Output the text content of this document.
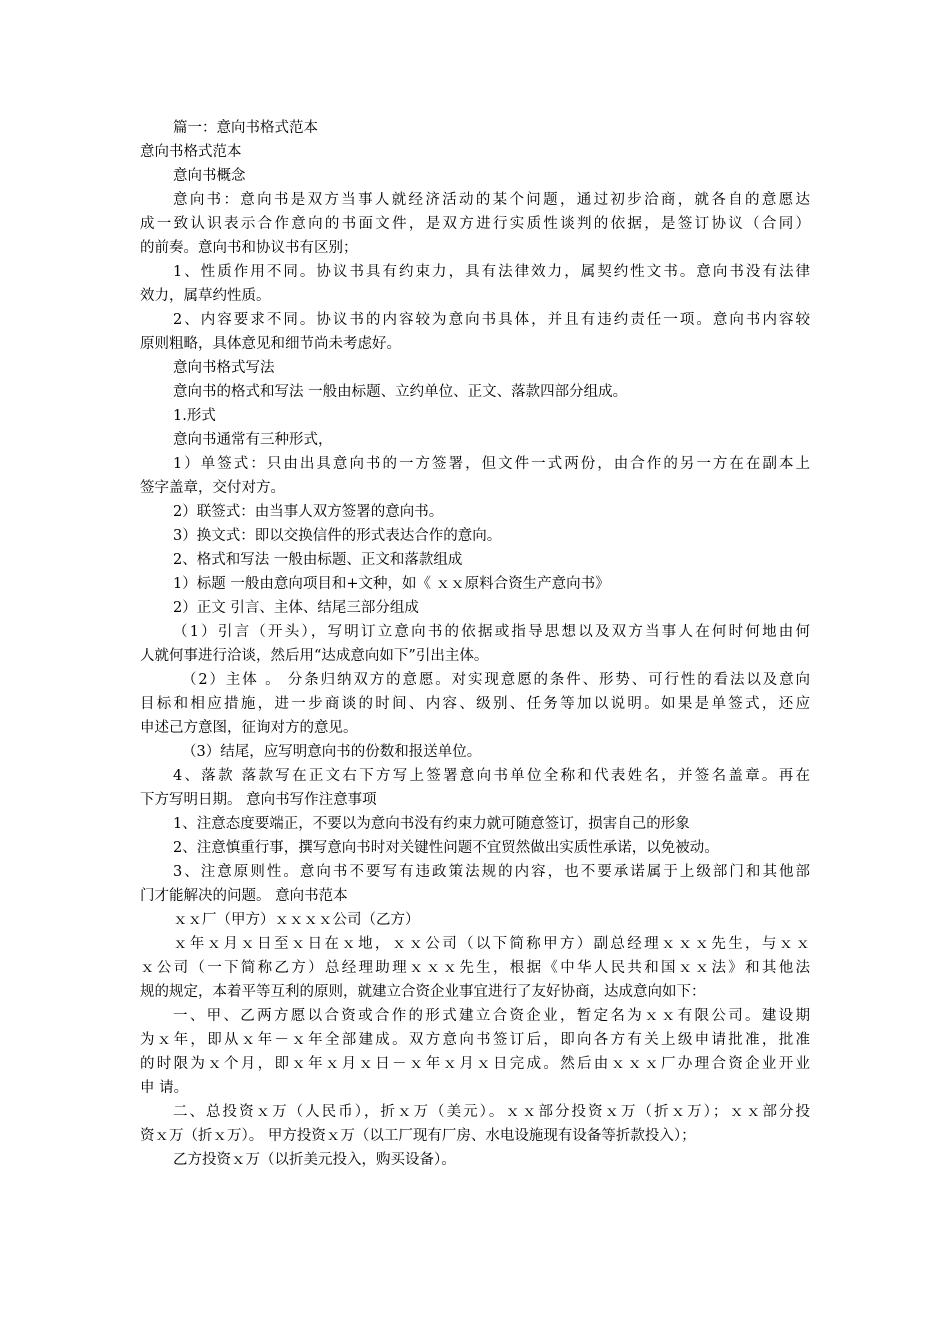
篇一：意向书格式范本
意向书格式范本
意向书概念
意向书：意向书是双方当事人就经济活动的某个问题，通过初步洽商，就各自的意愿达
成一致认识表示合作意向的书面文件，是双方进行实质性谈判的依据，是签订协议（合同）
的前奏。意向书和协议书有区别；
1、性质作用不同。协议书具有约束力，具有法律效力，属契约性文书。意向书没有法律
效力，属草约性质。
2、内容要求不同。协议书的内容较为意向书具体，并且有违约责任一项。意向书内容较
原则粗略，具体意见和细节尚未考虑好。
意向书格式写法
意向书的格式和写法 一般由标题、立约单位、正文、落款四部分组成。
1.形式
意向书通常有三种形式，
1）单签式：只由出具意向书的一方签署，但文件一式两份，由合作的另一方在在副本上
签字盖章，交付对方。
2）联签式：由当事人双方签署的意向书。
3）换文式：即以交换信件的形式表达合作的意向。
2、格式和写法 一般由标题、正文和落款组成
1）标题 一般由意向项目和+文种，如《 ｘｘ原料合资生产意向书》
2）正文 引言、主体、结尾三部分组成
（1）引言（开头），写明订立意向书的依据或指导思想以及双方当事人在何时何地由何
人就何事进行洽谈，然后用“达成意向如下”引出主体。
（2）主体 。 分条归纳双方的意愿。对实现意愿的条件、形势、可行性的看法以及意向
目标和相应措施，进一步商谈的时间、内容、级别、任务等加以说明。如果是单签式，还应
申述己方意图，征询对方的意见。
（3）结尾，应写明意向书的份数和报送单位。
4、落款 落款写在正文右下方写上签署意向书单位全称和代表姓名，并签名盖章。再在
下方写明日期。 意向书写作注意事项
1、注意态度要端正，不要以为意向书没有约束力就可随意签订，损害自己的形象
2、注意慎重行事，撰写意向书时对关键性问题不宜贸然做出实质性承诺，以免被动。
3、注意原则性。意向书不要写有违政策法规的内容，也不要承诺属于上级部门和其他部
门才能解决的问题。 意向书范本
ｘｘ厂（甲方）ｘｘｘｘ公司（乙方）
ｘ年ｘ月ｘ日至ｘ日在ｘ地，ｘｘ公司（以下简称甲方）副总经理ｘｘｘ先生，与ｘｘ
ｘ公司（一下简称乙方）总经理助理ｘｘｘ先生，根据《中华人民共和国ｘｘ法》和其他法
规的规定，本着平等互利的原则，就建立合资企业事宜进行了友好协商，达成意向如下：
一、甲、乙两方愿以合资或合作的形式建立合资企业，暂定名为ｘｘ有限公司。建设期
为ｘ年，即从ｘ年－ｘ年全部建成。双方意向书签订后，即向各方有关上级申请批准，批准
的时限为ｘ个月，即ｘ年ｘ月ｘ日－ｘ年ｘ月ｘ日完成。然后由ｘｘｘ厂办理合资企业开业
申 请。
二、总投资ｘ万（人民币），折ｘ万（美元）。ｘｘ部分投资ｘ万（折ｘ万）；ｘｘ部分投
资ｘ万（折ｘ万）。 甲方投资ｘ万（以工厂现有厂房、水电设施现有设备等折款投入）；
乙方投资ｘ万（以折美元投入，购买设备）。
